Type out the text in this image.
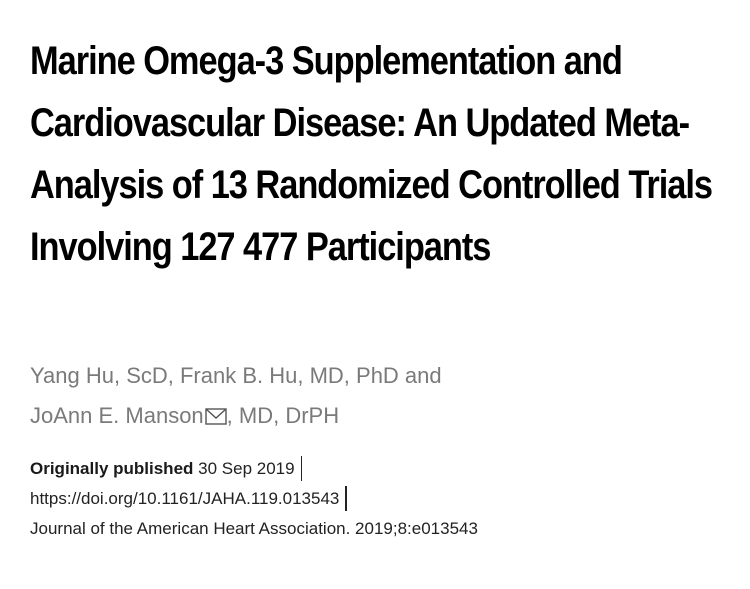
Marine Omega-3 Supplementation and Cardiovascular Disease: An Updated Meta-Analysis of 13 Randomized Controlled Trials Involving 127 477 Participants
Yang Hu, ScD, Frank B. Hu, MD, PhD and
JoAnn E. Manson , MD, DrPH
Originally published 30 Sep 2019
https://doi.org/10.1161/JAHA.119.013543
Journal of the American Heart Association. 2019;8:e013543
